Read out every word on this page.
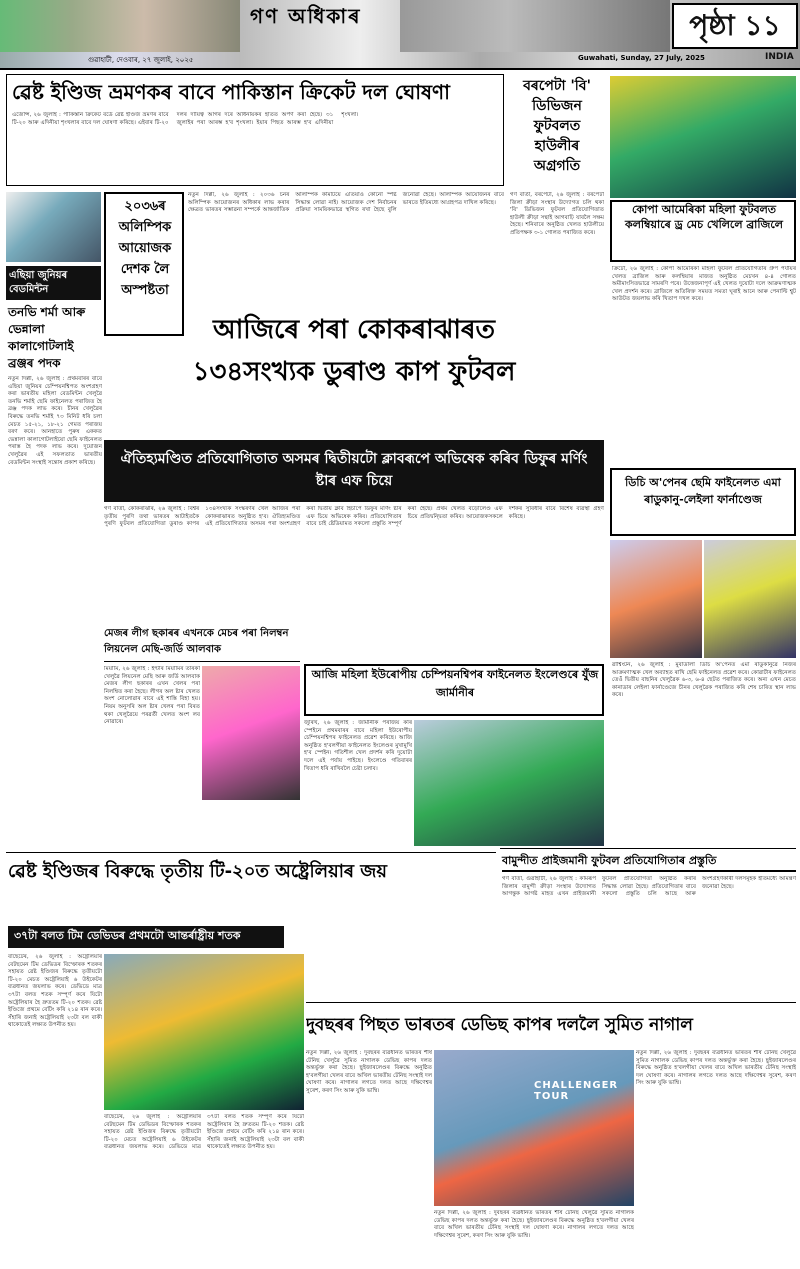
গণ অধিকাৰ	পৃষ্ঠা ১১
INDIA
গুৱাহাটী, দেওবাৰ, ২৭ জুলাই, ২০২৫	Guwahati, Sunday, 27 July, 2025
ৱেষ্ট ইণ্ডিজ ভ্ৰমণকৰ বাবে পাকিস্তান ক্ৰিকেট দল ঘোষণা
এজেন্সি, ২৬ জুলাই : পাকিস্তান ক্ৰিকেট বৰ্ডে ৱেষ্ট ইণ্ডিজ ভ্ৰমণৰ বাবে টি-২০ আৰু এদিনীয়া শৃংখলাৰ বাবে দল ঘোষণা কৰিছে। এইবাৰ টি-২০ দলৰ দায়িত্ব আগৰ দৰে অধিনায়কৰ হাতত অৰ্পণ কৰা হৈছে। ৩১ জুলাইৰ পৰা আৰম্ভ হ'ব শৃংখলা। ইয়াৰ পিছত আৰম্ভ হ'ব এদিনীয়া শৃংখলা।
এছিয়া জুনিয়ৰ বেডমিন্টন
তনভি শৰ্মা আৰু ভেন্নালা কালাগোটলাই ব্ৰঞ্জৰ পদক
২০৩৬ৰ অলিম্পিক আয়োজক দেশক লৈ অস্পষ্টতা
নতুন দিল্লী, ২৬ জুলাই : ২০৩৬ চনৰ অলিম্পিক আয়োজনৰ অধিকাৰ লাভ কৰাৰ ক্ষেত্ৰত ভাৰতৰ সম্ভাৱনা সম্পৰ্কে আন্তৰ্জাতিক অলিম্পিক কমিটিয়ে এতিয়াও কোনো স্পষ্ট সিদ্ধান্ত লোৱা নাই। আয়োজক দেশ নিৰ্বাচনৰ প্ৰক্ৰিয়া সাময়িকভাৱে স্থগিত ৰখা হৈছে বুলি জনোৱা হৈছে। অলিম্পিক আয়োজনৰ বাবে ভাৰতে ইতিমধ্যে আগ্ৰহপত্ৰ দাখিল কৰিছে।
বৰপেটা 'বি' ডিভিজন ফুটবলত হাউলীৰ অগ্ৰগতি
গণ বাৰ্তা, বৰপেটা, ২৬ জুলাই : বৰপেটা জিলা ক্ৰীড়া সংস্থাৰ উদ্যোগত চলি থকা 'বি' ডিভিজন ফুটবল প্ৰতিযোগিতাত হাউলী ক্ৰীড়া সন্থাই আগবাঢ়ি যাবলৈ সক্ষম হৈছে। শনিবাৰে অনুষ্ঠিত খেলত হাউলীয়ে প্ৰতিপক্ষক ৩-১ গোলত পৰাজিত কৰে।
কোপা আমেৰিকা মহিলা ফুটবলত কলম্বিয়াৰে ড্ৰ মেচ খেলিলে ব্ৰাজিলে
ক্ৰিটো, ২৬ জুলাই : কোপা আমেৰিকা মহিলা ফুটবল প্ৰতিযোগিতাৰ গ্ৰুপ পৰ্যায়ৰ খেলত ব্ৰাজিল আৰু কলম্বিয়াৰ মাজত অনুষ্ঠিত মেচখন ৪-৪ গোলত অমীমাংসিতভাৱে সামৰণি পৰে। উত্তেজনাপূৰ্ণ এই খেলত দুয়োটা দলে আক্ৰমণাত্মক খেল প্ৰদৰ্শন কৰে। ব্ৰাজিলে অতিৰিক্ত সময়ত সমতা ঘূৰাই আনে আৰু পেনাল্টি শ্বুট আউটত জয়লাভ কৰি খিতাপ দখল কৰে।
আজিৰে পৰা কোকৰাঝাৰত
১৩৪সংখ্যক ডুৰাণ্ড কাপ ফুটবল
ঐতিহ্যমণ্ডিত প্ৰতিযোগিতাত অসমৰ দ্বিতীয়টো ক্লাবৰূপে অভিষেক কৰিব ডিফুৰ মৰ্ণিং ষ্টাৰ এফ চিয়ে
গণ বাৰ্তা, কোকৰাঝাৰ, ২৬ জুলাই : বিশ্বৰ তৃতীয় পুৰণি তথা ভাৰতৰ আটাইতকৈ পুৰণি ফুটবল প্ৰতিযোগিতা ডুৰাণ্ড কাপৰ ১৩৪সংখ্যক সংস্কৰণৰ খেল আজিৰ পৰা কোকৰাঝাৰত অনুষ্ঠিত হ'ব। ঐতিহ্যমণ্ডিত এই প্ৰতিযোগিতাত অসমৰ পৰা অংশগ্ৰহণ কৰা দ্বিতীয় ক্লাব হিচাপে ডিফুৰ মৰ্ণিং ষ্টাৰ এফ চিয়ে অভিষেক কৰিব। প্ৰতিযোগিতাৰ বাবে চাই ষ্টেডিয়ামত সকলো প্ৰস্তুতি সম্পূৰ্ণ কৰা হৈছে। প্ৰথম খেলত বড়োলেণ্ড এফ চিয়ে প্ৰতিদ্বন্দ্বিতা কৰিব। আয়োজকসকলে দৰ্শকৰ সুবিধাৰ বাবে বিশেষ ব্যৱস্থা গ্ৰহণ কৰিছে।
নতুন দিল্লী, ২৬ জুলাই : প্ৰথমবাৰৰ বাবে এছিয়া জুনিয়ৰ চেম্পিয়নশ্বিপত অংশগ্ৰহণ কৰা ভাৰতীয় মহিলা বেডমিন্টন খেলুৱৈ তনভি শৰ্মাই ছেমি ফাইনেলত পৰাজিত হৈ ব্ৰঞ্জ পদক লাভ কৰে। চীনৰ খেলুৱৈৰ বিৰুদ্ধে তনভি শৰ্মাই ৭৩ মিনিট ধৰি চলা মেচত ১৫-২১, ১৮-২১ গেমত পৰাজয় বৰণ কৰে। আনহাতে পুৰুষ এককত ভেন্নালা কালাগোটলাইয়ো ছেমি ফাইনেলত পৰাস্ত হৈ পদক লাভ কৰে। দুয়োজন খেলুৱৈৰ এই সফলতাত ভাৰতীয় বেডমিন্টন সংস্থাই সন্তোষ প্ৰকাশ কৰিছে।
ডিচি অ'পেনৰ ছেমি ফাইনেলত এমা ৰাডুকানু-লেইলা ফাৰ্নাণ্ডেজ
ৱাশ্বিংটন, ২৬ জুলাই : মুবাডালা ডিচি অ'পেনত এমা ৰাডুকানুৱে নিজৰ আক্ৰমণাত্মক খেল অব্যাহত ৰাখি ছেমি ফাইনেলত প্ৰৱেশ কৰে। কোৱাৰ্টাৰ ফাইনেলত তেওঁ দ্বিতীয় বাছনিৰ খেলুৱৈক ৬-৩, ৬-৪ ছেটত পৰাজিত কৰে। অন্য এখন মেচত কানাডাৰ লেইলা ফাৰ্নাণ্ডেজে চীনৰ খেলুৱৈক পৰাজিত কৰি শেষ চাৰিত স্থান লাভ কৰে।
মেজৰ লীগ ছকাৰৰ এখনকে মেচৰ পৰা নিলম্বন লিয়নেল মেছি-জৰ্ডি আলবাক
মিয়ামি, ২৬ জুলাই : ইণ্টাৰ মিয়ামিৰ তাৰকা খেলুৱৈ লিয়নেল মেছি আৰু জৰ্ডি আলবাক মেজৰ লীগ ছকাৰৰ এখন খেলৰ পৰা নিলম্বিত কৰা হৈছে। লীগৰ অল ষ্টাৰ খেলত অংশ নোলোৱাৰ বাবে এই শাস্তি বিহা হয়। নিয়ম অনুসৰি অল ষ্টাৰ খেলৰ পৰা বিৰত থকা খেলুৱৈয়ে পৰৱৰ্তী খেলত অংশ লব নোৱাৰে।
আজি মহিলা ইউৰোপীয় চেম্পিয়নশ্বিপৰ ফাইনেলত ইংলেণ্ডৰে যুঁজ জাৰ্মানীৰ
জুৰিখ, ২৬ জুলাই : জাৰ্মানীক পৰাজয় কৰি স্পেইনে প্ৰথমবাৰৰ বাবে মহিলা ইউৰোপীয় চেম্পিয়নশ্বিপৰ ফাইনেলত প্ৰৱেশ কৰিছে। আজি অনুষ্ঠিত হ'বলগীয়া ফাইনেলত ইংলেণ্ডৰ মুখামুখি হ'ব স্পেইন। গতিশীল খেল প্ৰদৰ্শন কৰি দুয়োটা দলে এই পৰ্যায় পাইছে। ইংলেণ্ডে গতিবাৰৰ খিতাপ ধৰি ৰাখিবলৈ চেষ্টা চলাব।
বামুন্দীত প্ৰাইজমানী ফুটবল প্ৰতিযোগিতাৰ প্ৰস্তুতি
গণ বাৰ্তা, গুৱাহাটী, ২৬ জুলাই : কামৰূপ জিলাৰ বামুন্দী ক্ৰীড়া সংস্থাৰ উদ্যোগত আগন্তুক আগষ্ট মাহত এখন প্ৰাইজমানী ফুটবল প্ৰতিযোগিতা অনুষ্ঠিত কৰাৰ সিদ্ধান্ত লোৱা হৈছে। প্ৰতিযোগিতাৰ বাবে সকলো প্ৰস্তুতি চলি আছে আৰু অংশগ্ৰহণকাৰী দলসমূহক ইতিমধ্যে আমন্ত্ৰণ জনোৱা হৈছে।
ৱেষ্ট ইণ্ডিজৰ বিৰুদ্ধে তৃতীয় টি-২০ত অষ্ট্ৰেলিয়াৰ জয়
৩৭টা বলত টিম ডেভিডৰ প্ৰথমটো আন্তৰ্ৰাষ্ট্ৰীয় শতক
বাছেটেৰ, ২৬ জুলাই : অষ্ট্ৰেলিয়াৰ বেটছমেন টিম ডেভিডৰ বিস্ফোৰক শতকৰ সহায়ত ৱেষ্ট ইণ্ডিজৰ বিৰুদ্ধে তৃতীয়টো টি-২০ মেচত অষ্ট্ৰেলিয়াই ৬ উইকেটৰ ব্যৱধানত জয়লাভ কৰে। ডেভিডে মাত্ৰ ৩৭টা বলত শতক সম্পূৰ্ণ কৰে যিটো অষ্ট্ৰেলিয়াৰ হৈ দ্ৰুততম টি-২০ শতক। ৱেষ্ট ইণ্ডিজে প্ৰথমে বেটিং কৰি ২১৪ ৰান কৰে। সঁহাৰি জনাই অষ্ট্ৰেলিয়াই ২৩টা বল বাকী থাকোতেই লক্ষ্যত উপনীত হয়।
বাছেটেৰ, ২৬ জুলাই : অষ্ট্ৰেলিয়াৰ বেটছমেন টিম ডেভিডৰ বিস্ফোৰক শতকৰ সহায়ত ৱেষ্ট ইণ্ডিজৰ বিৰুদ্ধে তৃতীয়টো টি-২০ মেচত অষ্ট্ৰেলিয়াই ৬ উইকেটৰ ব্যৱধানত জয়লাভ কৰে। ডেভিডে মাত্ৰ ৩৭টা বলত শতক সম্পূৰ্ণ কৰে যিটো অষ্ট্ৰেলিয়াৰ হৈ দ্ৰুততম টি-২০ শতক। ৱেষ্ট ইণ্ডিজে প্ৰথমে বেটিং কৰি ২১৪ ৰান কৰে। সঁহাৰি জনাই অষ্ট্ৰেলিয়াই ২৩টা বল বাকী থাকোতেই লক্ষ্যত উপনীত হয়।
দুবছৰৰ পিছত ভাৰতৰ ডেভিছ কাপৰ দললৈ সুমিত নাগাল
নতুন দিল্লী, ২৬ জুলাই : দুবছৰৰ ব্যৱধানত ভাৰতৰ শীৰ্ষ টেনিছ খেলুৱৈ সুমিত নাগালক ডেভিছ কাপৰ দলত অন্তৰ্ভুক্ত কৰা হৈছে। ছুইজাৰলেণ্ডৰ বিৰুদ্ধে অনুষ্ঠিত হ'বলগীয়া খেলৰ বাবে অখিল ভাৰতীয় টেনিছ সংস্থাই দল ঘোষণা কৰে। নাগালৰ লগতে দলত আছে দক্ষিণেশ্বৰ সুৰেশ, কৰণ সিং আৰু যুকি ভাম্বি।	CHALLENGER TOUR
নতুন দিল্লী, ২৬ জুলাই : দুবছৰৰ ব্যৱধানত ভাৰতৰ শীৰ্ষ টেনিছ খেলুৱৈ সুমিত নাগালক ডেভিছ কাপৰ দলত অন্তৰ্ভুক্ত কৰা হৈছে। ছুইজাৰলেণ্ডৰ বিৰুদ্ধে অনুষ্ঠিত হ'বলগীয়া খেলৰ বাবে অখিল ভাৰতীয় টেনিছ সংস্থাই দল ঘোষণা কৰে। নাগালৰ লগতে দলত আছে দক্ষিণেশ্বৰ সুৰেশ, কৰণ সিং আৰু যুকি ভাম্বি।
নতুন দিল্লী, ২৬ জুলাই : দুবছৰৰ ব্যৱধানত ভাৰতৰ শীৰ্ষ টেনিছ খেলুৱৈ সুমিত নাগালক ডেভিছ কাপৰ দলত অন্তৰ্ভুক্ত কৰা হৈছে। ছুইজাৰলেণ্ডৰ বিৰুদ্ধে অনুষ্ঠিত হ'বলগীয়া খেলৰ বাবে অখিল ভাৰতীয় টেনিছ সংস্থাই দল ঘোষণা কৰে। নাগালৰ লগতে দলত আছে দক্ষিণেশ্বৰ সুৰেশ, কৰণ সিং আৰু যুকি ভাম্বি।
